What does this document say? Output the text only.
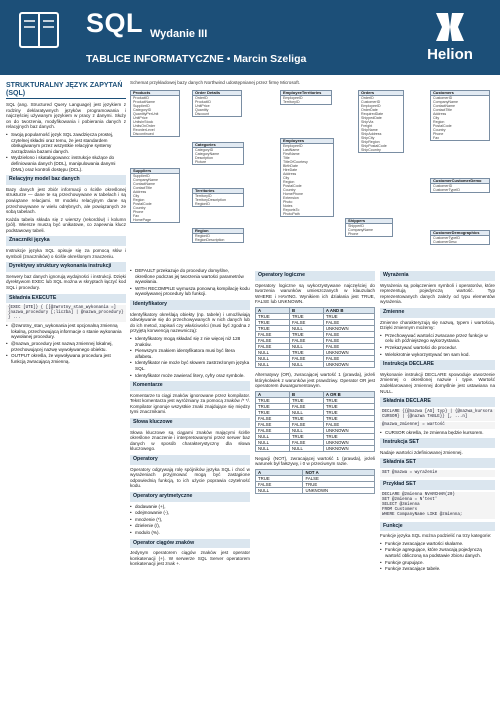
SQL Wydanie III
TABLICE INFORMATYCZNE • Marcin Szeliga	Helion
STRUKTURALNY JĘZYK ZAPYTAŃ (SQL)
SQL (ang. Structured Query Language) jest językiem z rodziny deklaratywnych języków programowania i najczęściej używanym językiem w pracy z danymi. Służy on do tworzenia, modyfikowania i pobierania danych z relacyjnych baz danych.
• Swoją popularność język SQL zawdzięcza prostej, czytelnej składni oraz temu, że jest standardem obsługiwanym przez wszystkie relacyjne systemy zarządzania bazami danych.
• Wydzielono i skatalogowano: instrukcje służące do definiowania danych (DDL), manipulowania danymi (DML) oraz kontroli dostępu (DCL).
Relacyjny model baz danych
Bazy danych jest zbiór informacji o ściśle określonej strukturze — dane te są przechowywane w tabelach i są powiązane relacjami. W modelu relacyjnym dane są przechowywane w wielu odrębnych, ale powiązanych ze sobą tabelach.
Każda tabela składa się z wierszy (rekordów) i kolumn (pól). Wiersze muszą być unikatowe, co zapewnia klucz podstawowy tabeli.
Znaczniki języka
Instrukcje języka SQL opisuje się za pomocą słów i symboli (znaczników) o ściśle określonym znaczeniu.
Dyrektywy struktury wykonania instrukcji
Serwery baz danych ignorują wydajności i instrukcji. Dzięki dyrektywom EXEC lub SQL można w skryptach łączyć kod SQL i procedury.
Składnia EXECUTE
{EXEC [UTE]} { [[@zwrotny_stan_wykonania =] {nazwa_procedury [;liczba] | @nazwa_procedury} } ...
• @zwrotny_stan_wykonania jest opcjonalną zmienną lokalną, przechowującą informacje o stanie wykonania wywołanej procedury.
• @nazwa_procedury jest nazwą zmiennej lokalnej, przechowującej nazwę wywoływanego obiektu.
• OUTPUT określa, że wywoływana procedura jest funkcją zwracającą zmienną.
Schemat przykładowej bazy danych Northwind udostępnianej przez firmę Microsoft.
Products
ProductID
ProductName
SupplierID
CategoryID
QuantityPerUnit
UnitPrice
UnitsInStock
UnitsOnOrder
ReorderLevel
Discontinued
Order Details
OrderID
ProductID
UnitPrice
Quantity
Discount
EmployeeTerritories
EmployeeID
TerritoryID
Orders
OrderID
CustomerID
EmployeeID
OrderDate
RequiredDate
ShippedDate
ShipVia
Freight
ShipName
ShipAddress
ShipCity
ShipRegion
ShipPostalCode
ShipCountry
Customers
CustomerID
CompanyName
ContactName
ContactTitle
Address
City
Region
PostalCode
Country
Phone
Fax
Categories
CategoryID
CategoryName
Description
Picture
Suppliers
SupplierID
CompanyName
ContactName
ContactTitle
Address
City
Region
PostalCode
Country
Phone
Fax
HomePage
Employees
EmployeeID
LastName
FirstName
Title
TitleOfCourtesy
BirthDate
HireDate
Address
City
Region
PostalCode
Country
HomePhone
Extension
Photo
Notes
ReportsTo
PhotoPath
Territories
TerritoryID
TerritoryDescription
RegionID
CustomerCustomerDemo
CustomerID
CustomerTypeID
Region
RegionID
RegionDescription
Shippers
ShipperID
CompanyName
Phone	CustomerDemographics
CustomerTypeID
CustomerDesc
• DEFAULT przekazuje do procedury domyślne, określone podczas jej tworzenia wartości parametrów wywołania.
• WITH RECOMPILE wymusza ponowną kompilację kodu wywoływanej procedury lub funkcji.
Identyfikatory
Identyfikatory określają obiekty (np. tabele) i umożliwiają odwoływanie się do przechowywanych w nich danych lub do ich metod, zapisań czy właściwości (musi być zgodna z przyjętą konwencją nazewniczą):
• Identyfikatory mogą składać się z nie więcej niż 128 znaków.
• Pierwszym znakiem identyfikatora musi być litera alfabetu.
• Identyfikator nie może być słowem zastrzeżonym języka SQL.
• Identyfikator może zawierać litery, cyfry oraz symbole.
Komentarze
Komentarze to ciągi znaków ignorowane przez kompilator. Tekst komentarza jest wyróżniany za pomocą znaków /* */. Kompilator ignoruje wszystkie znaki znajdujące się między tymi znacznikami.
Słowa kluczowe
Słowa kluczowe są ciągami znaków mającymi ściśle określone znaczenie i interpretowanymi przez serwer baz danych w sposób charakterystyczny dla słowa kluczowego.
Operatory
Operatory odgrywają rolę spójników języka SQL i choć w wyrażeniach przyjmować mogą być zastąpione odpowiednią funkcją, to ich użycie poprawia czytelność kodu.
Operatory arytmetyczne
• dodawanie (+),
• odejmowanie (-),
• mnożenie (*),
• dzielenie (/),
• modulo (%).
Operator ciągów znaków
Jedynym operatorem ciągów znaków jest operator konkatenacji (+). W serwerze SQL Server operatorem konkatenacji jest znak +.
Operatory logiczne
Operatory logiczne są wykorzystywane najczęściej do tworzenia warunków umieszczanych w klauzulach WHERE i HAVING. Wynikiem ich działania jest TRUE, FALSE lub UNKNOWN.
A	B	A AND B
TRUE	TRUE	TRUE
TRUE	FALSE	FALSE
TRUE	NULL	UNKNOWN
FALSE	TRUE	FALSE
FALSE	FALSE	FALSE
FALSE	NULL	FALSE
NULL	TRUE	UNKNOWN
NULL	FALSE	FALSE
NULL	NULL	UNKNOWN
Alternatywy (OR), zwracającej wartość 1 (prawda), jeżeli którykolwiek z warunków jest prawdziwy. Operator OR jest operatorem dwuargumentowym.
A	B	A OR B
TRUE	TRUE	TRUE
TRUE	FALSE	TRUE
TRUE	NULL	TRUE
FALSE	TRUE	TRUE
FALSE	FALSE	FALSE
FALSE	NULL	UNKNOWN
NULL	TRUE	TRUE
NULL	FALSE	UNKNOWN
NULL	NULL	UNKNOWN
Negacji (NOT), zwracającej wartość 1 (prawda), jeżeli warunek był fałszywy, i 0 w przeciwnym razie.
A	NOT A
TRUE	FALSE
FALSE	TRUE
NULL	UNKNOWN
Wyrażenia
Wyrażenia są połączeniem symboli i operatorów, które reprezentują pojedynczą wartość. Typ reprezentowanych danych zależy od typu elementów wyrażenia.
Zmienne
Zmienne charakteryzują się nazwą, typem i wartością. Dzięki zmiennym możemy:
• Przechowywać wartości zwracane przez funkcje w celu ich późniejszego wykorzystania.
• Przekazywać wartości do procedur.
• Wielokrotnie wykorzystywać ten sam kod.
Instrukcja DECLARE
Wykonanie instrukcji DECLARE spowoduje utworzenie zmiennej o określonej nazwie i typie. Wartość zadeklarowanej zmiennej domyślnie jest ustawiana na NULL.
Składnia DECLARE
DECLARE {{@nazwa [AS] typ} | {@nazwa_kursora CURSOR} | {@nazwa TABLE}} [, ...n]
@nazwa_zmiennej = wartość
• CURSOR określa, że zmienna będzie kursorem.
Instrukcja SET
Nadaje wartości zdefiniowanej zmiennej.
Składnia SET
SET @nazwa = wyrażenie
Przykład SET
DECLARE @zmienna NVARCHAR(20)
SET @zmienna = N'test'
SELECT @zmienna
FROM Customers
WHERE CompanyName LIKE @zmienna;
Funkcje
Funkcje języka SQL można podzielić na trzy kategorie:
• Funkcje zwracające wartości skalarne.
• Funkcje agregujące, które zwracają pojedynczą wartość obliczoną na podstawie zbioru danych.
• Funkcje grupujące.
• Funkcje zwracające tabele.
